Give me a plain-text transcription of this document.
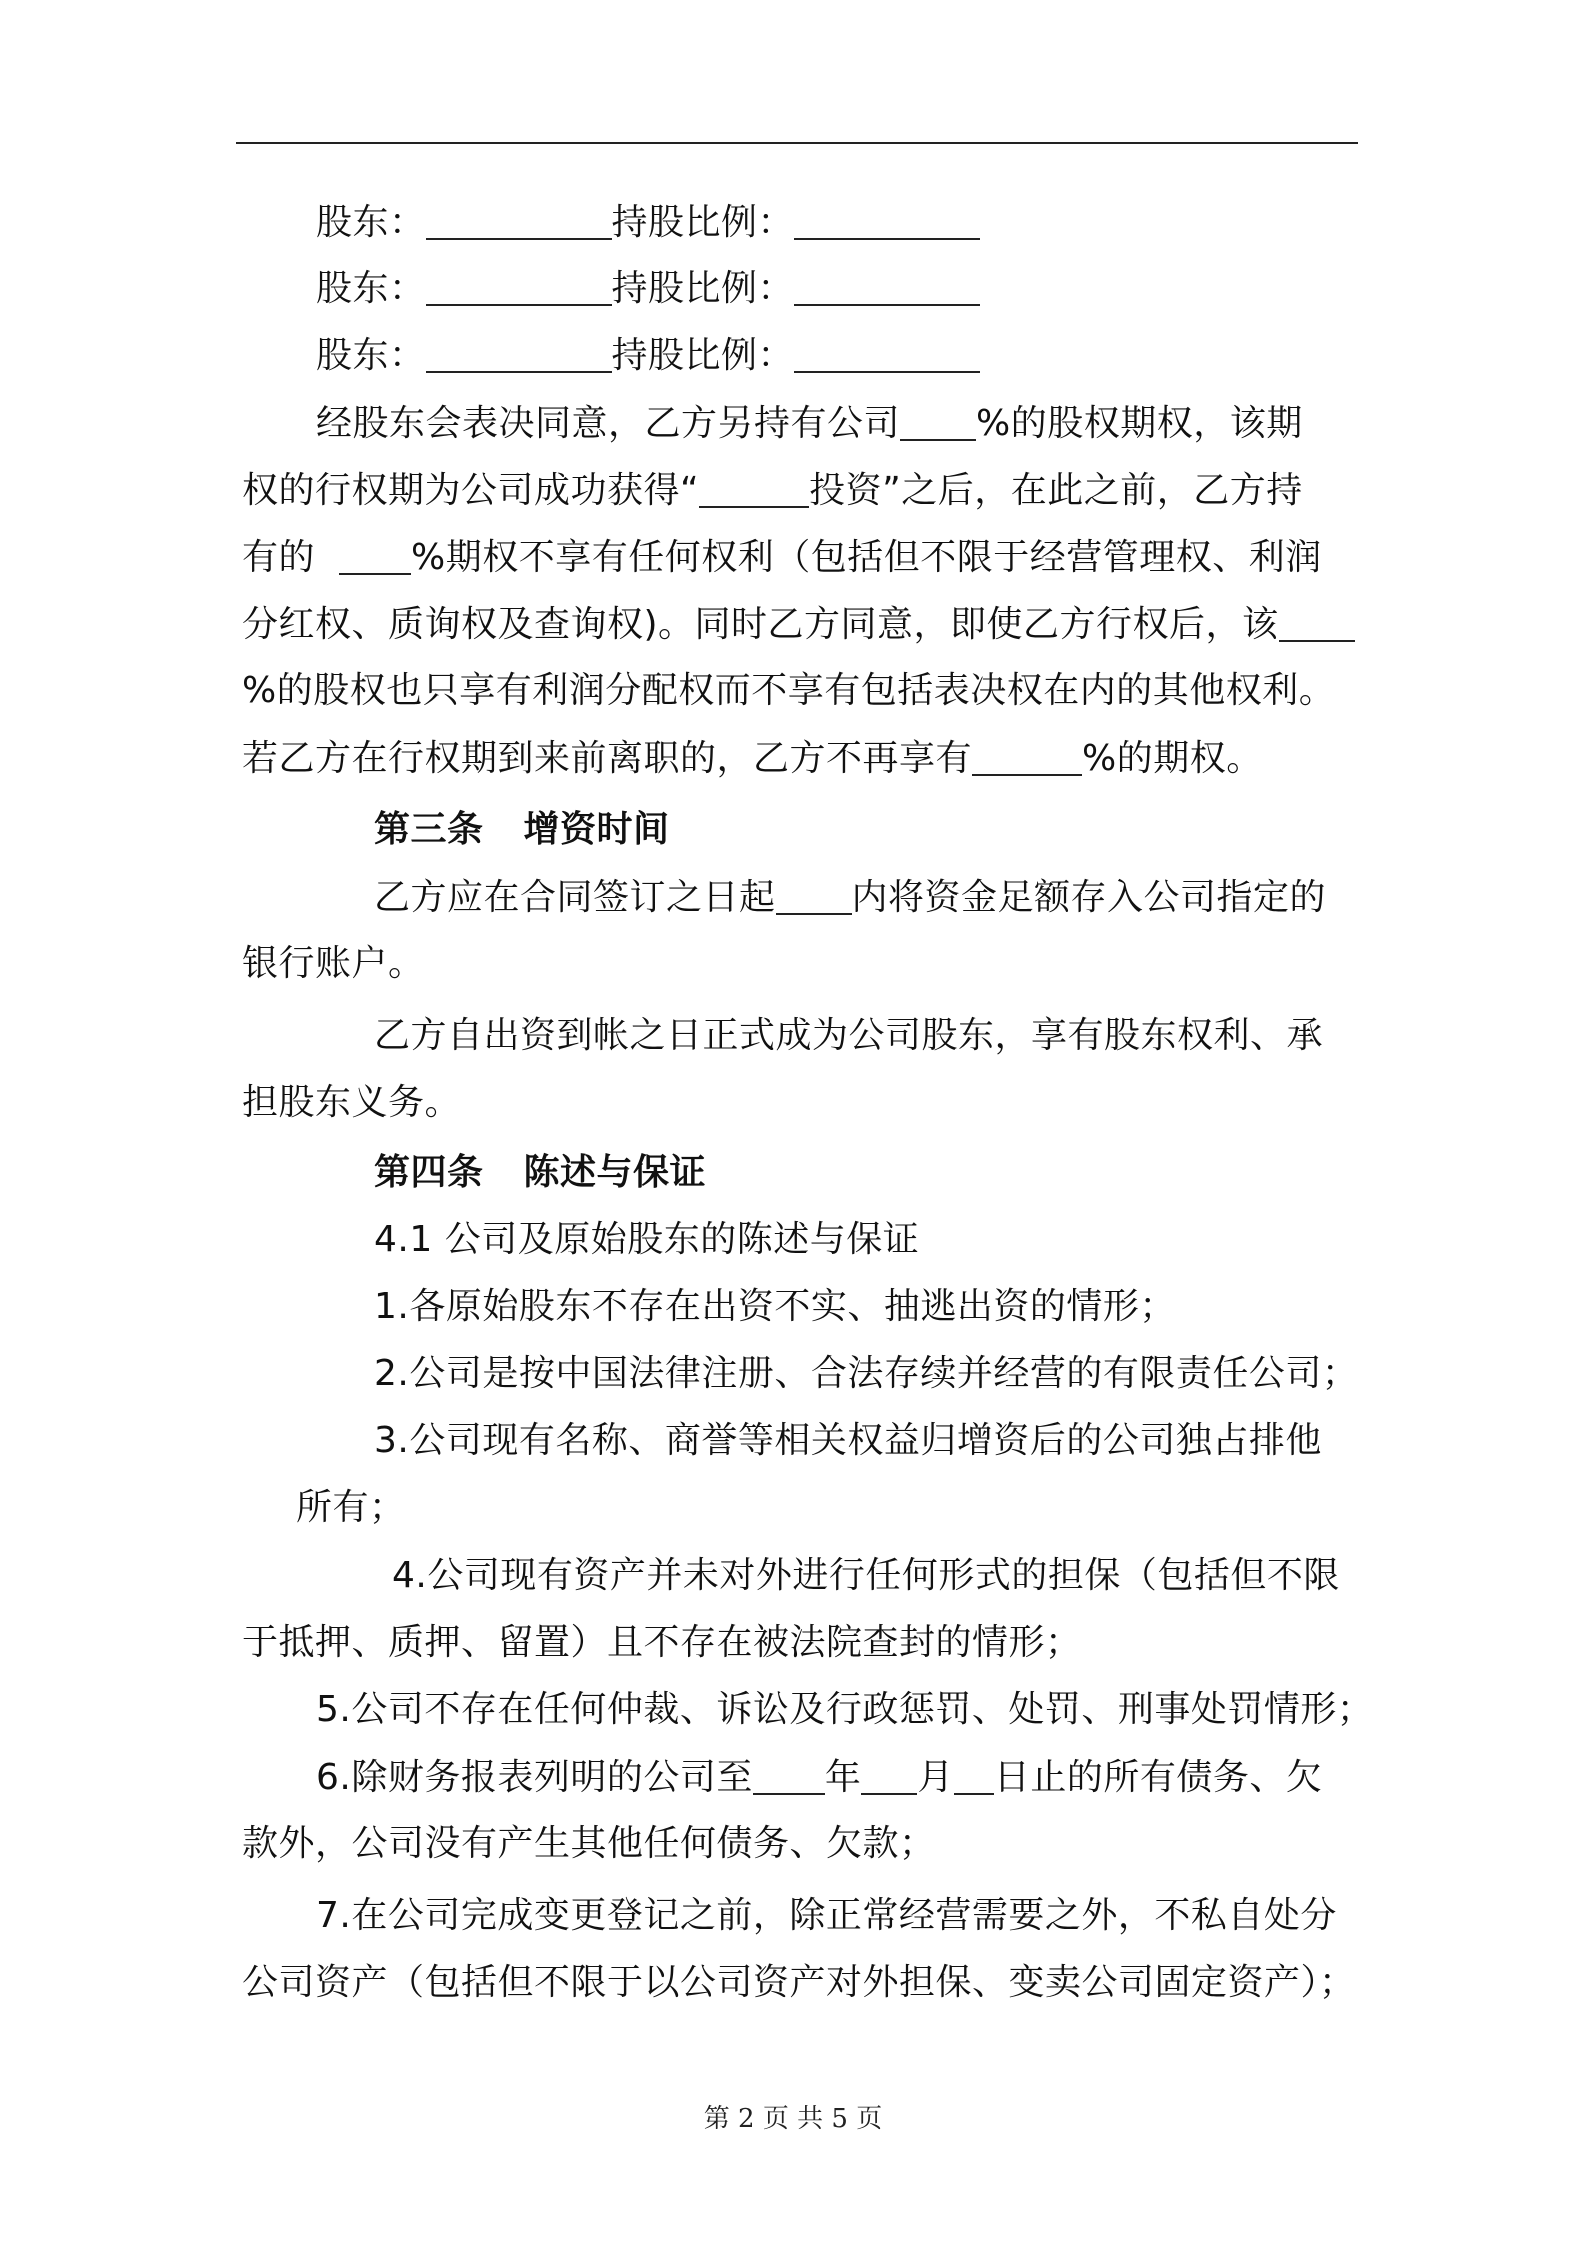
股东：	持股比例：
股东：	持股比例：
股东：	持股比例：
经股东会表决同意，乙方另持有公司 %的股权期权，该期
权的行权期为公司成功获得“	投资”之后，在此之前，乙方持
有的	%期权不享有任何权利（包括但不限于经营管理权、利润
分红权、质询权及查询权)。同时乙方同意，即使乙方行权后，该
%的股权也只享有利润分配权而不享有包括表决权在内的其他权利。
若乙方在行权期到来前离职的，乙方不再享有	%的期权。
第三条 增资时间
乙方应在合同签订之日起 内将资金足额存入公司指定的
银行账户。
乙方自出资到帐之日正式成为公司股东，享有股东权利、承
担股东义务。
第四条 陈述与保证
4.1 公司及原始股东的陈述与保证
1.各原始股东不存在出资不实、抽逃出资的情形；
2.公司是按中国法律注册、合法存续并经营的有限责任公司；
3.公司现有名称、商誉等相关权益归增资后的公司独占排他
所有；
4.公司现有资产并未对外进行任何形式的担保（包括但不限
于抵押、质押、留置）且不存在被法院查封的情形；
5.公司不存在任何仲裁、诉讼及行政惩罚、处罚、刑事处罚情形；
6.除财务报表列明的公司至 年 月 日止的所有债务、欠
款外，公司没有产生其他任何债务、欠款；
7.在公司完成变更登记之前，除正常经营需要之外，不私自处分
公司资产（包括但不限于以公司资产对外担保、变卖公司固定资产）；
第 2 页 共 5 页
